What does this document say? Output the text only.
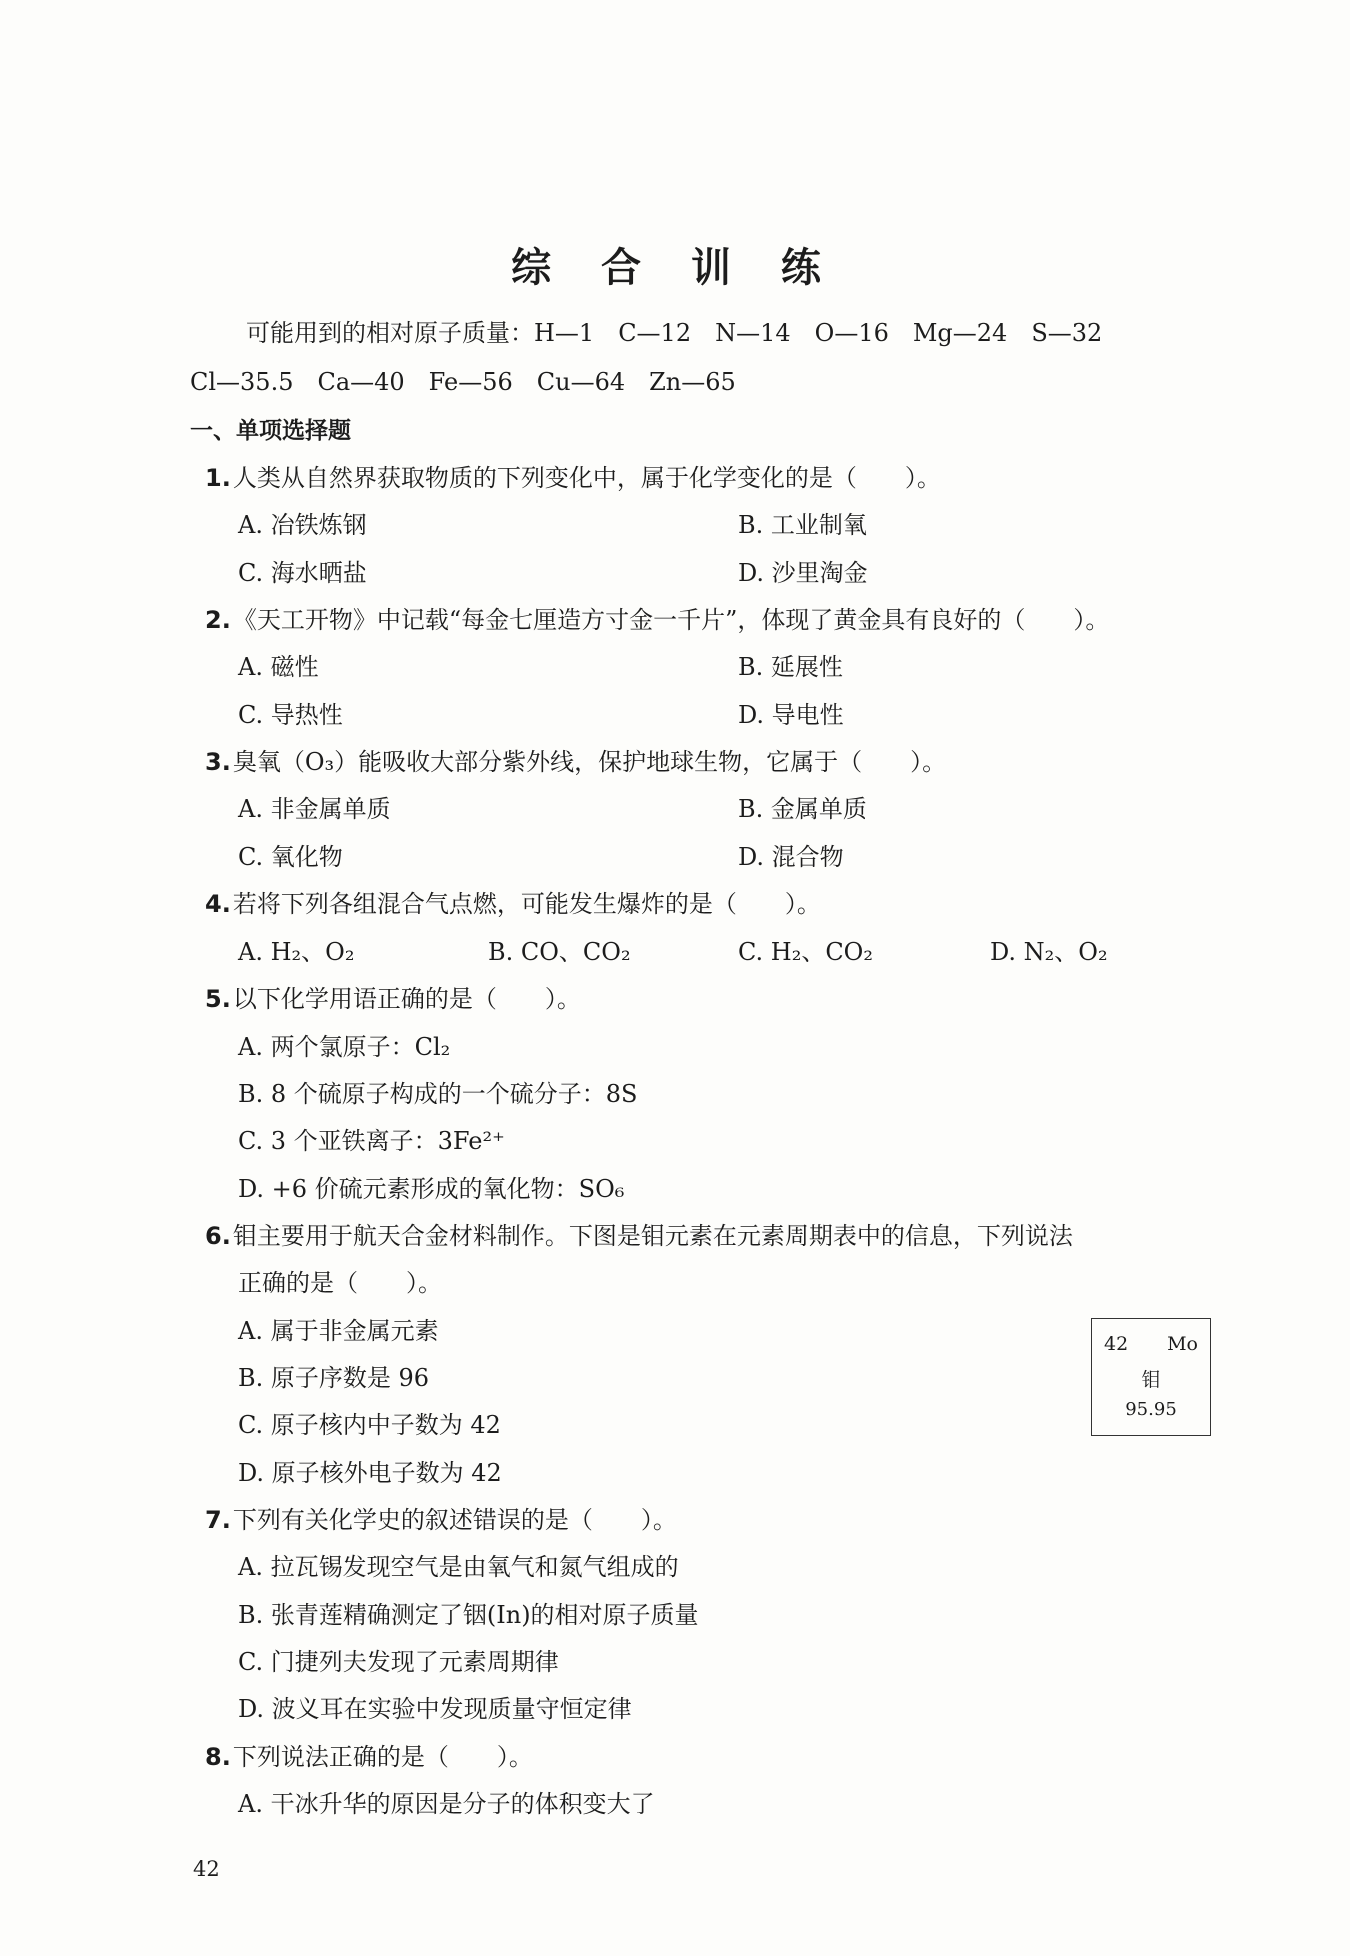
综 合 训 练
可能用到的相对原子质量：H—1　C—12　N—14　O—16　Mg—24　S—32
Cl—35.5　Ca—40　Fe—56　Cu—64　Zn—65
一、单项选择题
1.人类从自然界获取物质的下列变化中，属于化学变化的是（　　）。
A. 冶铁炼钢	B. 工业制氧
C. 海水晒盐	D. 沙里淘金
2.《天工开物》中记载“每金七厘造方寸金一千片”，体现了黄金具有良好的（　　）。
A. 磁性	B. 延展性
C. 导热性	D. 导电性
3.臭氧（O₃）能吸收大部分紫外线，保护地球生物，它属于（　　）。
A. 非金属单质	B. 金属单质
C. 氧化物	D. 混合物
4.若将下列各组混合气点燃，可能发生爆炸的是（　　）。
A. H₂、O₂	B. CO、CO₂	C. H₂、CO₂	D. N₂、O₂
5.以下化学用语正确的是（　　）。
A. 两个氯原子：Cl₂
B. 8 个硫原子构成的一个硫分子：8S
C. 3 个亚铁离子：3Fe²⁺
D. +6 价硫元素形成的氧化物：SO₆
6.钼主要用于航天合金材料制作。下图是钼元素在元素周期表中的信息，下列说法
正确的是（　　）。
A. 属于非金属元素
B. 原子序数是 96
C. 原子核内中子数为 42
D. 原子核外电子数为 42
42 Mo
钼
95.95
7.下列有关化学史的叙述错误的是（　　）。
A. 拉瓦锡发现空气是由氧气和氮气组成的
B. 张青莲精确测定了铟(In)的相对原子质量
C. 门捷列夫发现了元素周期律
D. 波义耳在实验中发现质量守恒定律
8.下列说法正确的是（　　）。
A. 干冰升华的原因是分子的体积变大了
42
